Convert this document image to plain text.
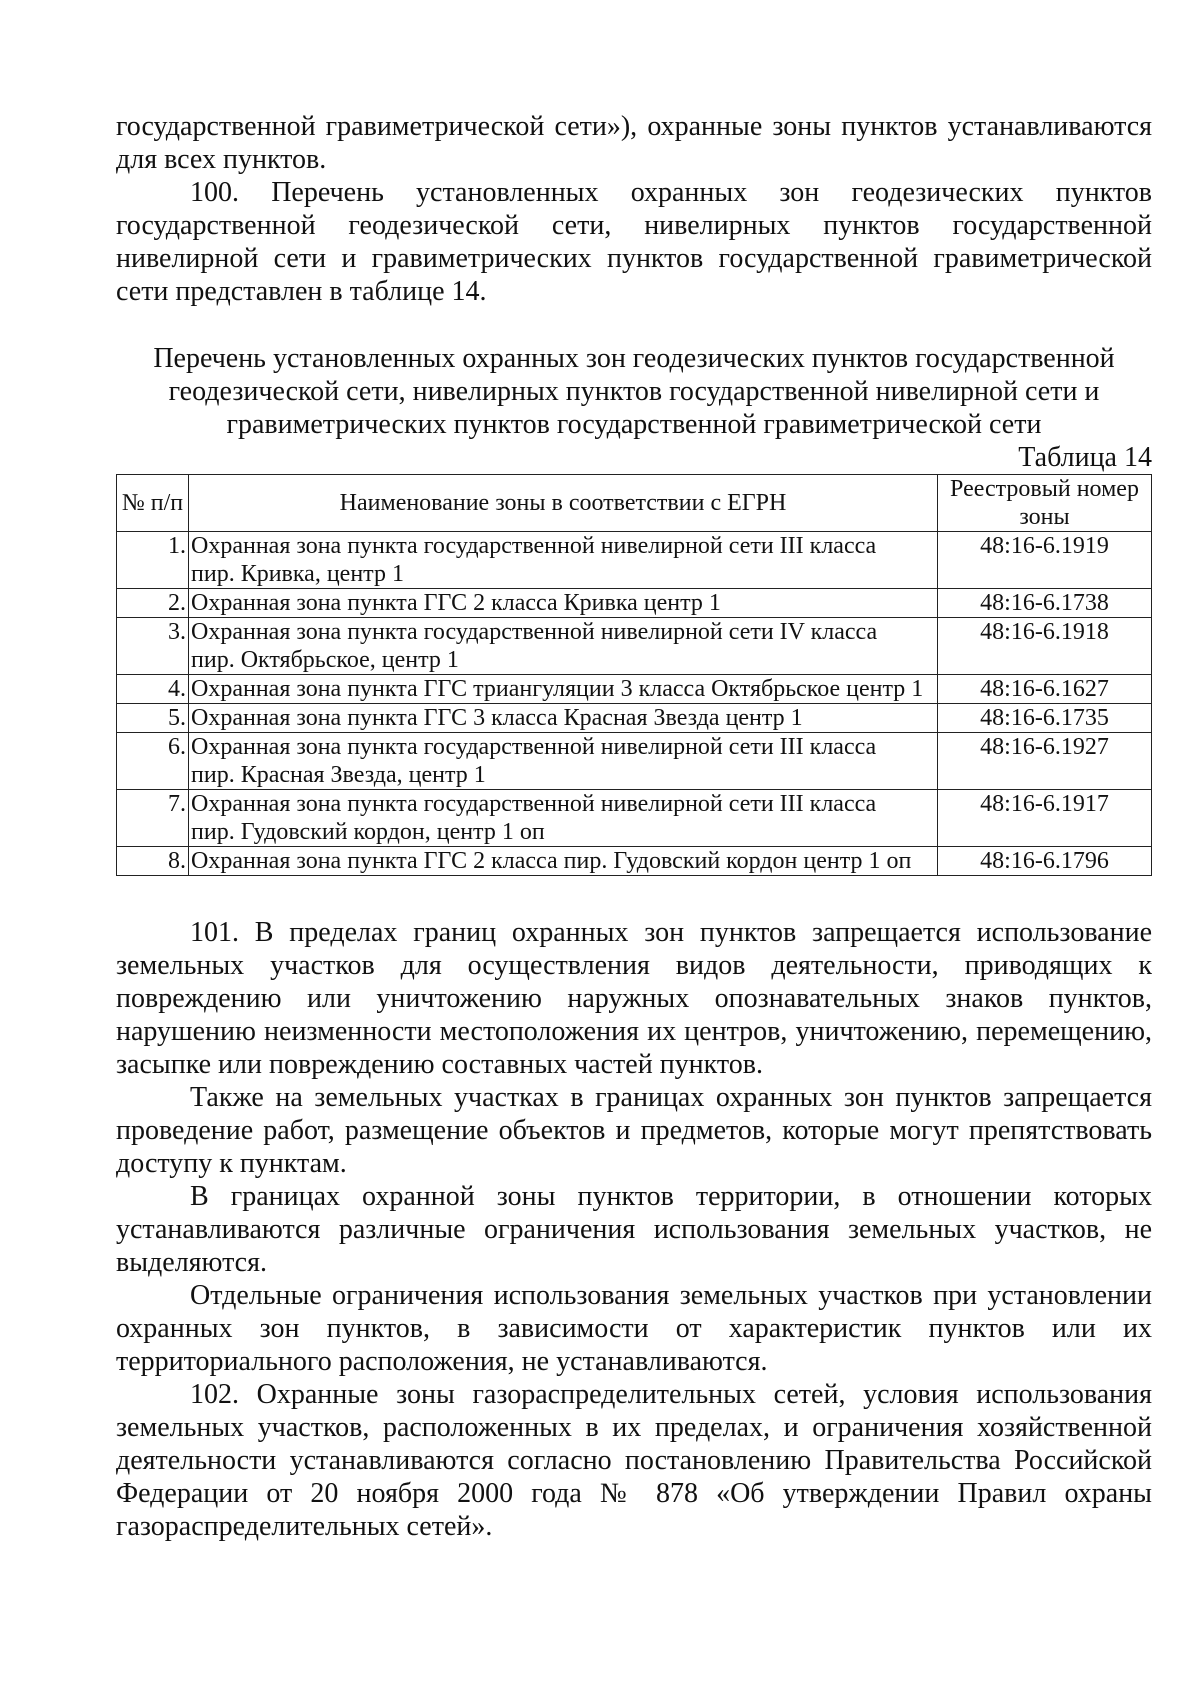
государственной гравиметрической сети»), охранные зоны пунктов устанавливаются для всех пунктов.

100. Перечень установленных охранных зон геодезических пунктов государственной геодезической сети, нивелирных пунктов государственной нивелирной сети и гравиметрических пунктов государственной гравиметрической сети представлен в таблице 14.

Перечень установленных охранных зон геодезических пунктов государственной
геодезической сети, нивелирных пунктов государственной нивелирной сети и
гравиметрических пунктов государственной гравиметрической сети

Таблица 14

№ п/п	Наименование зоны в соответствии с ЕГРН	Реестровый номер зоны
1.	Охранная зона пункта государственной нивелирной сети III класса
пир. Кривка, центр 1	48:16-6.1919
2.	Охранная зона пункта ГГС 2 класса Кривка центр 1	48:16-6.1738
3.	Охранная зона пункта государственной нивелирной сети IV класса
пир. Октябрьское, центр 1	48:16-6.1918
4.	Охранная зона пункта ГГС триангуляции 3 класса Октябрьское центр 1	48:16-6.1627
5.	Охранная зона пункта ГГС 3 класса Красная Звезда центр 1	48:16-6.1735
6.	Охранная зона пункта государственной нивелирной сети III класса
пир. Красная Звезда, центр 1	48:16-6.1927
7.	Охранная зона пункта государственной нивелирной сети III класса
пир. Гудовский кордон, центр 1 оп	48:16-6.1917
8.	Охранная зона пункта ГГС 2 класса пир. Гудовский кордон центр 1 оп	48:16-6.1796

101. В пределах границ охранных зон пунктов запрещается использование земельных участков для осуществления видов деятельности, приводящих к повреждению или уничтожению наружных опознавательных знаков пунктов, нарушению неизменности местоположения их центров, уничтожению, перемещению, засыпке или повреждению составных частей пунктов.

Также на земельных участках в границах охранных зон пунктов запрещается проведение работ, размещение объектов и предметов, которые могут препятствовать доступу к пунктам.

В границах охранной зоны пунктов территории, в отношении которых устанавливаются различные ограничения использования земельных участков, не выделяются.

Отдельные ограничения использования земельных участков при установлении охранных зон пунктов, в зависимости от характеристик пунктов или их территориального расположения, не устанавливаются.

102. Охранные зоны газораспределительных сетей, условия использования земельных участков, расположенных в их пределах, и ограничения хозяйственной деятельности устанавливаются согласно постановлению Правительства Российской Федерации от 20 ноября 2000 года № 878 «Об утверждении Правил охраны газораспределительных сетей».
